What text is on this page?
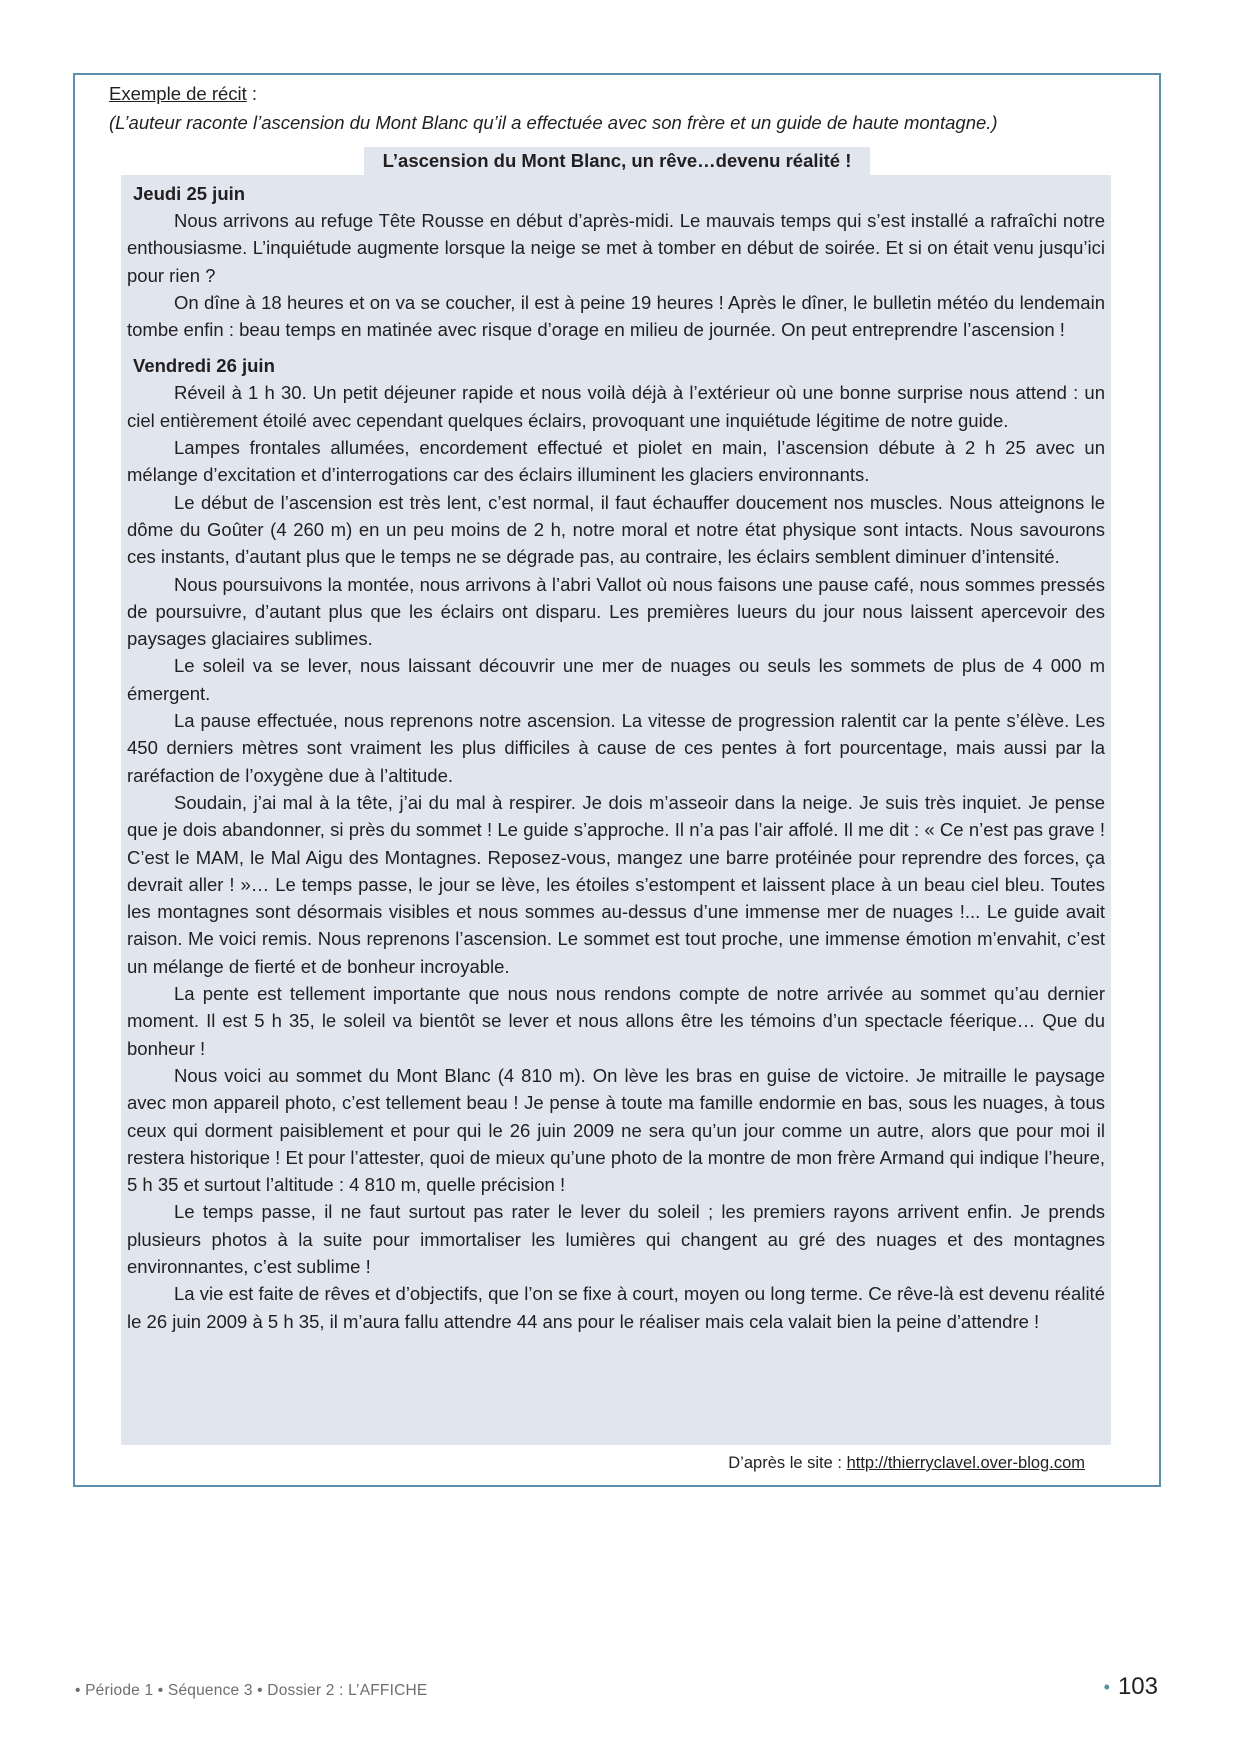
Exemple de récit :
(L’auteur raconte l’ascension du Mont Blanc qu’il a effectuée avec son frère et un guide de haute montagne.)
L’ascension du Mont Blanc, un rêve…devenu réalité !
Jeudi 25 juin

Nous arrivons au refuge Tête Rousse en début d’après-midi. Le mauvais temps qui s’est installé a rafraîchi notre enthousiasme. L’inquiétude augmente lorsque la neige se met à tomber en début de soirée. Et si on était venu jusqu’ici pour rien ?

On dîne à 18 heures et on va se coucher, il est à peine 19 heures ! Après le dîner, le bulletin météo du lendemain tombe enfin : beau temps en matinée avec risque d’orage en milieu de journée. On peut entreprendre l’ascension !

Vendredi 26 juin

Réveil à 1 h 30. Un petit déjeuner rapide et nous voilà déjà à l’extérieur où une bonne surprise nous attend : un ciel entièrement étoilé avec cependant quelques éclairs, provoquant une inquiétude légitime de notre guide.

Lampes frontales allumées, encordement effectué et piolet en main, l’ascension débute à 2 h 25 avec un mélange d’excitation et d’interrogations car des éclairs illuminent les glaciers environnants.

Le début de l’ascension est très lent, c’est normal, il faut échauffer doucement nos muscles. Nous atteignons le dôme du Goûter (4 260 m) en un peu moins de 2 h, notre moral et notre état physique sont intacts. Nous savourons ces instants, d’autant plus que le temps ne se dégrade pas, au contraire, les éclairs semblent diminuer d’intensité.

Nous poursuivons la montée, nous arrivons à l’abri Vallot où nous faisons une pause café, nous sommes pressés de poursuivre, d’autant plus que les éclairs ont disparu. Les premières lueurs du jour nous laissent apercevoir des paysages glaciaires sublimes.

Le soleil va se lever, nous laissant découvrir une mer de nuages ou seuls les sommets de plus de 4 000 m émergent.

La pause effectuée, nous reprenons notre ascension. La vitesse de progression ralentit car la pente s’élève. Les 450 derniers mètres sont vraiment les plus difficiles à cause de ces pentes à fort pourcentage, mais aussi par la raréfaction de l’oxygène due à l’altitude.

Soudain, j’ai mal à la tête, j’ai du mal à respirer. Je dois m’asseoir dans la neige. Je suis très inquiet. Je pense que je dois abandonner, si près du sommet ! Le guide s’approche. Il n’a pas l’air affolé. Il me dit : « Ce n’est pas grave ! C’est le MAM, le Mal Aigu des Montagnes. Reposez-vous, mangez une barre protéinée pour reprendre des forces, ça devrait aller ! »… Le temps passe, le jour se lève, les étoiles s’estompent et laissent place à un beau ciel bleu. Toutes les montagnes sont désormais visibles et nous sommes au-dessus d’une immense mer de nuages !... Le guide avait raison. Me voici remis. Nous reprenons l’ascension. Le sommet est tout proche, une immense émotion m’envahit, c’est un mélange de fierté et de bonheur incroyable.

La pente est tellement importante que nous nous rendons compte de notre arrivée au sommet qu’au dernier moment. Il est 5 h 35, le soleil va bientôt se lever et nous allons être les témoins d’un spectacle féerique… Que du bonheur !

Nous voici au sommet du Mont Blanc (4 810 m). On lève les bras en guise de victoire. Je mitraille le paysage avec mon appareil photo, c’est tellement beau ! Je pense à toute ma famille endormie en bas, sous les nuages, à tous ceux qui dorment paisiblement et pour qui le 26 juin 2009 ne sera qu’un jour comme un autre, alors que pour moi il restera historique ! Et pour l’attester, quoi de mieux qu’une photo de la montre de mon frère Armand qui indique l’heure, 5 h 35 et surtout l’altitude : 4 810 m, quelle précision !

Le temps passe, il ne faut surtout pas rater le lever du soleil ; les premiers rayons arrivent enfin. Je prends plusieurs photos à la suite pour immortaliser les lumières qui changent au gré des nuages et des montagnes environnantes, c’est sublime !

La vie est faite de rêves et d’objectifs, que l’on se fixe à court, moyen ou long terme. Ce rêve-là est devenu réalité le 26 juin 2009 à 5 h 35, il m’aura fallu attendre 44 ans pour le réaliser mais cela valait bien la peine d’attendre !

D’après le site : http://thierryclavel.over-blog.com
• Période 1 • Séquence 3 • Dossier 2 : L’AFFICHE	• 103
